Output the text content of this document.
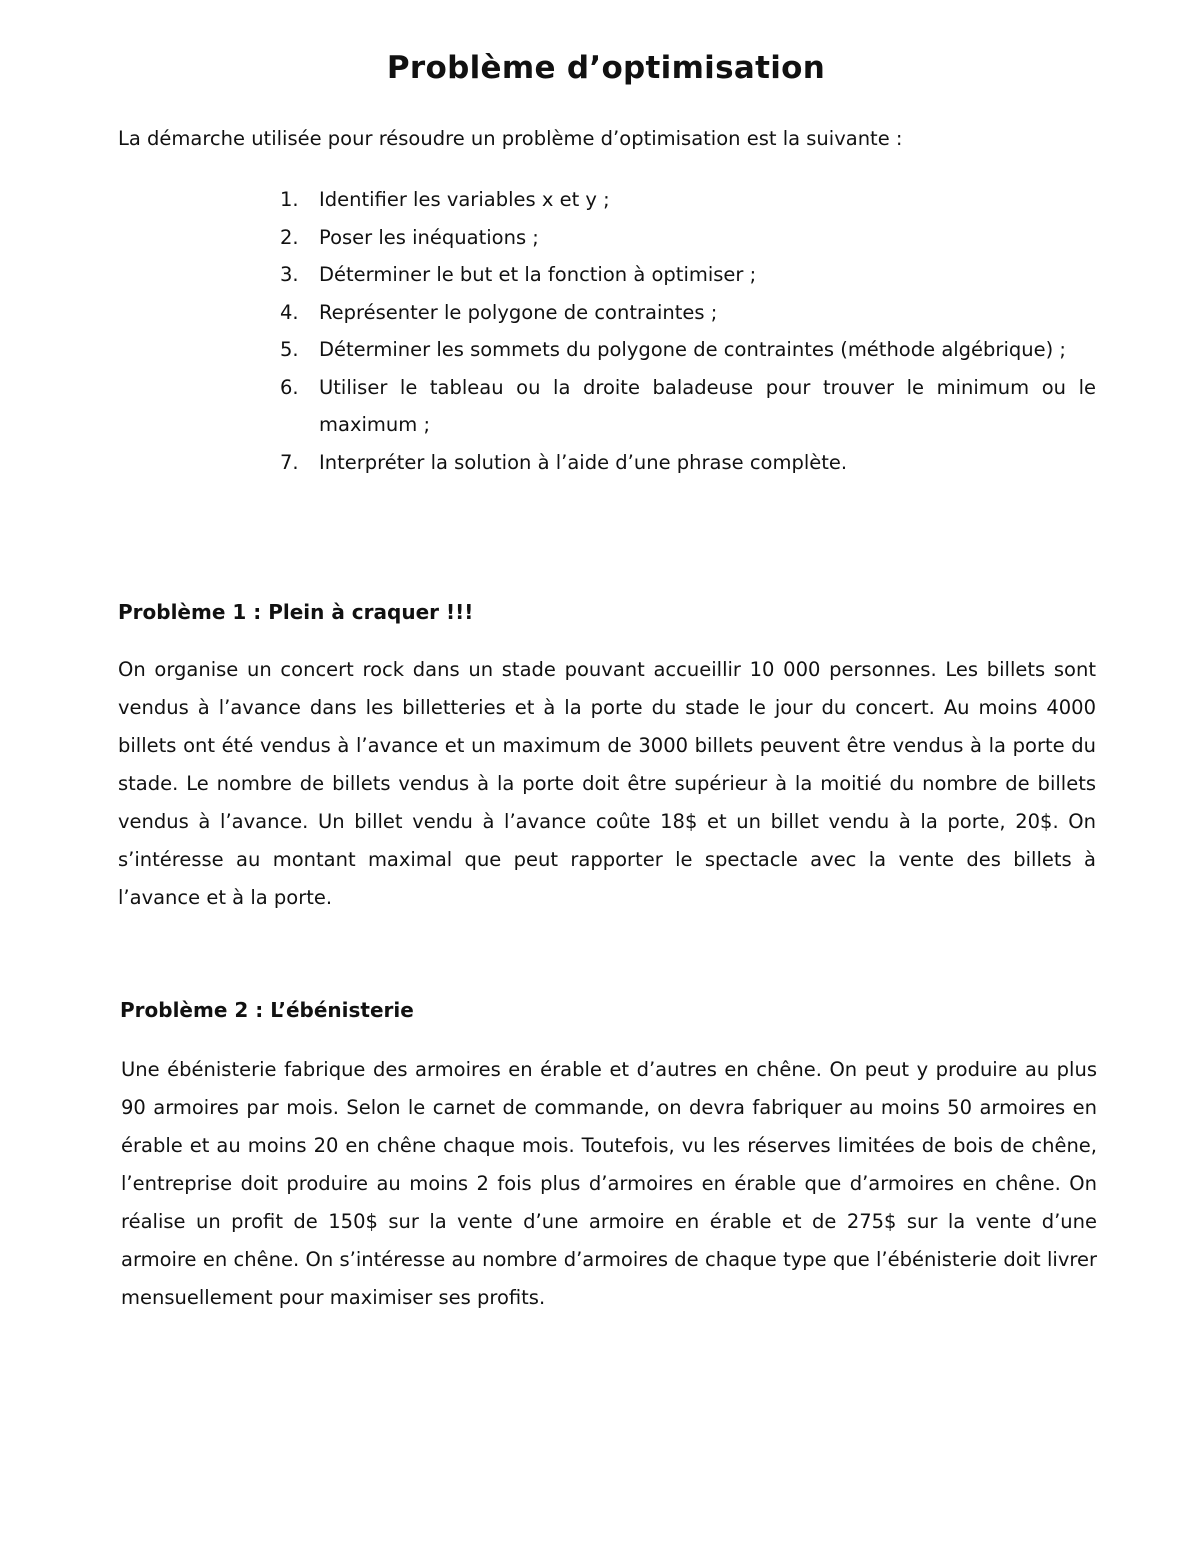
Problème d’optimisation

La démarche utilisée pour résoudre un problème d’optimisation est la suivante :

1.	Identifier les variables x et y ;
2.	Poser les inéquations ;
3.	Déterminer le but et la fonction à optimiser ;
4.	Représenter le polygone de contraintes ;
5.	Déterminer les sommets du polygone de contraintes (méthode algébrique) ;
6.	Utiliser le tableau ou la droite baladeuse pour trouver le minimum ou le maximum ;
7.	Interpréter la solution à l’aide d’une phrase complète.
Problème 1 : Plein à craquer !!!

On organise un concert rock dans un stade pouvant accueillir 10 000 personnes. Les billets sont vendus à l’avance dans les billetteries et à la porte du stade le jour du concert. Au moins 4000 billets ont été vendus à l’avance et un maximum de 3000 billets peuvent être vendus à la porte du stade. Le nombre de billets vendus à la porte doit être supérieur à la moitié du nombre de billets vendus à l’avance. Un billet vendu à l’avance coûte 18$ et un billet vendu à la porte, 20$. On s’intéresse au montant maximal que peut rapporter le spectacle avec la vente des billets à l’avance et à la porte.

Problème 2 : L’ébénisterie

Une ébénisterie fabrique des armoires en érable et d’autres en chêne. On peut y produire au plus 90 armoires par mois. Selon le carnet de commande, on devra fabriquer au moins 50 armoires en érable et au moins 20 en chêne chaque mois. Toutefois, vu les réserves limitées de bois de chêne, l’entreprise doit produire au moins 2 fois plus d’armoires en érable que d’armoires en chêne. On réalise un profit de 150$ sur la vente d’une armoire en érable et de 275$ sur la vente d’une armoire en chêne. On s’intéresse au nombre d’armoires de chaque type que l’ébénisterie doit livrer mensuellement pour maximiser ses profits.
